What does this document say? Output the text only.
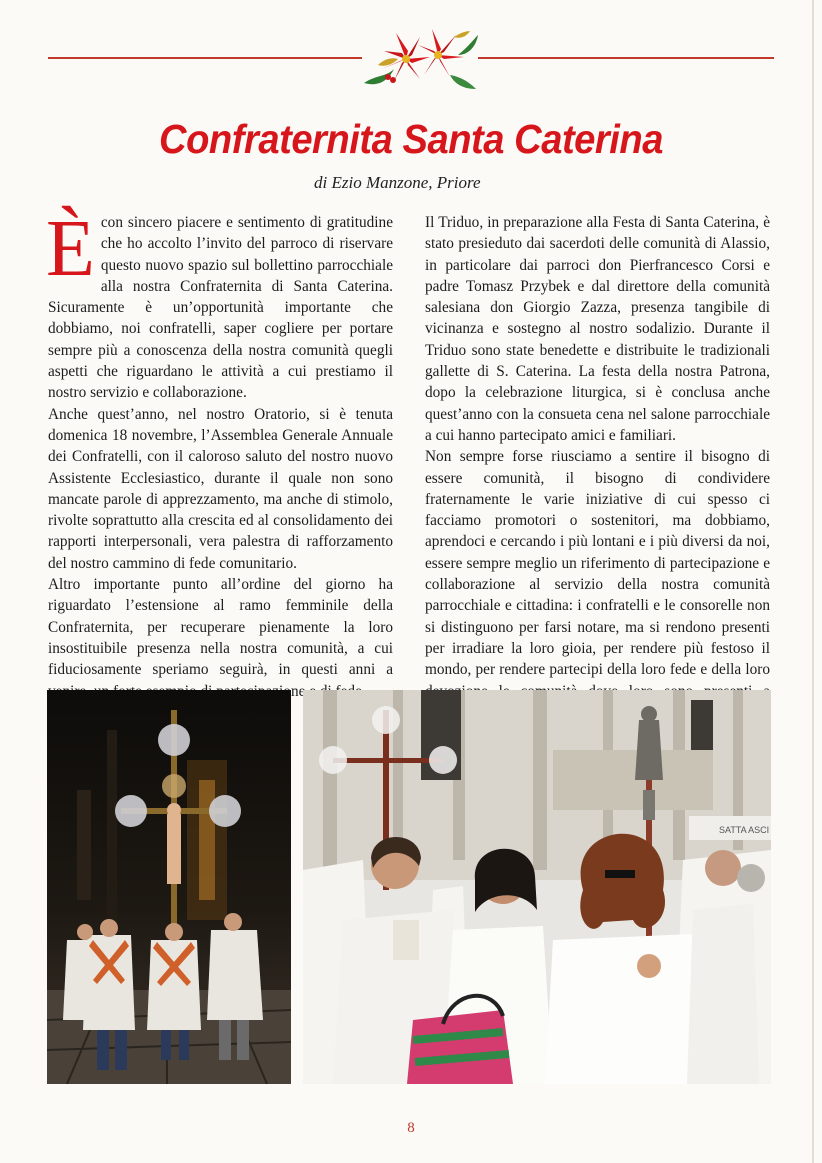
Confraternita Santa Caterina
di Ezio Manzone, Priore

È con sincero piacere e sentimento di gratitudine che ho accolto l’invito del parroco di riservare questo nuovo spazio sul bollettino parrocchiale alla nostra Confraternita di Santa Caterina. Sicuramente è un’opportunità importante che dobbiamo, noi confratelli, saper cogliere per portare sempre più a conoscenza della nostra comunità quegli aspetti che riguardano le attività a cui prestiamo il nostro servizio e collaborazione.

Anche quest’anno, nel nostro Oratorio, si è tenuta domenica 18 novembre, l’Assemblea Generale Annuale dei Confratelli, con il caloroso saluto del nostro nuovo Assistente Ecclesiastico, durante il quale non sono mancate parole di apprezzamento, ma anche di stimolo, rivolte soprattutto alla crescita ed al consolidamento dei rapporti interpersonali, vera palestra di rafforzamento del nostro cammino di fede comunitario.

Altro importante punto all’ordine del giorno ha riguardato l’estensione al ramo femminile della Confraternita, per recuperare pienamente la loro insostituibile presenza nella nostra comunità, a cui fiduciosamente speriamo seguirà, in questi anni a

Il Triduo, in preparazione alla Festa di Santa Caterina, è stato presieduto dai sacerdoti delle comunità di Alassio, in particolare dai parroci don Pierfrancesco Corsi e padre Tomasz Przybek e dal direttore della comunità salesiana don Giorgio Zazza, presenza tangibile di vicinanza e sostegno al nostro sodalizio. Durante il Triduo sono state benedette e distribuite le tradizionali gallette di S. Caterina. La festa della nostra Patrona, dopo la celebrazione liturgica, si è conclusa anche quest’anno con la consueta cena nel salone parrocchiale a cui hanno partecipato amici e familiari.

Non sempre forse riusciamo a sentire il bisogno di essere comunità, il bisogno di condividere fraternamente le varie iniziative di cui spesso ci facciamo promotori o sostenitori, ma dobbiamo, aprendoci e cercando i più lontani e i più diversi da noi, essere sempre meglio un riferimento di partecipazione e collaborazione al servizio della nostra comunità parrocchiale e cittadina: i confratelli e le consorelle non si distinguono per farsi notare, ma si rendono presenti per irradiare la loro gioia, per rendere più festoso il mondo, per rendere partecipi della loro fede e della loro

SATTA ASCI
8
